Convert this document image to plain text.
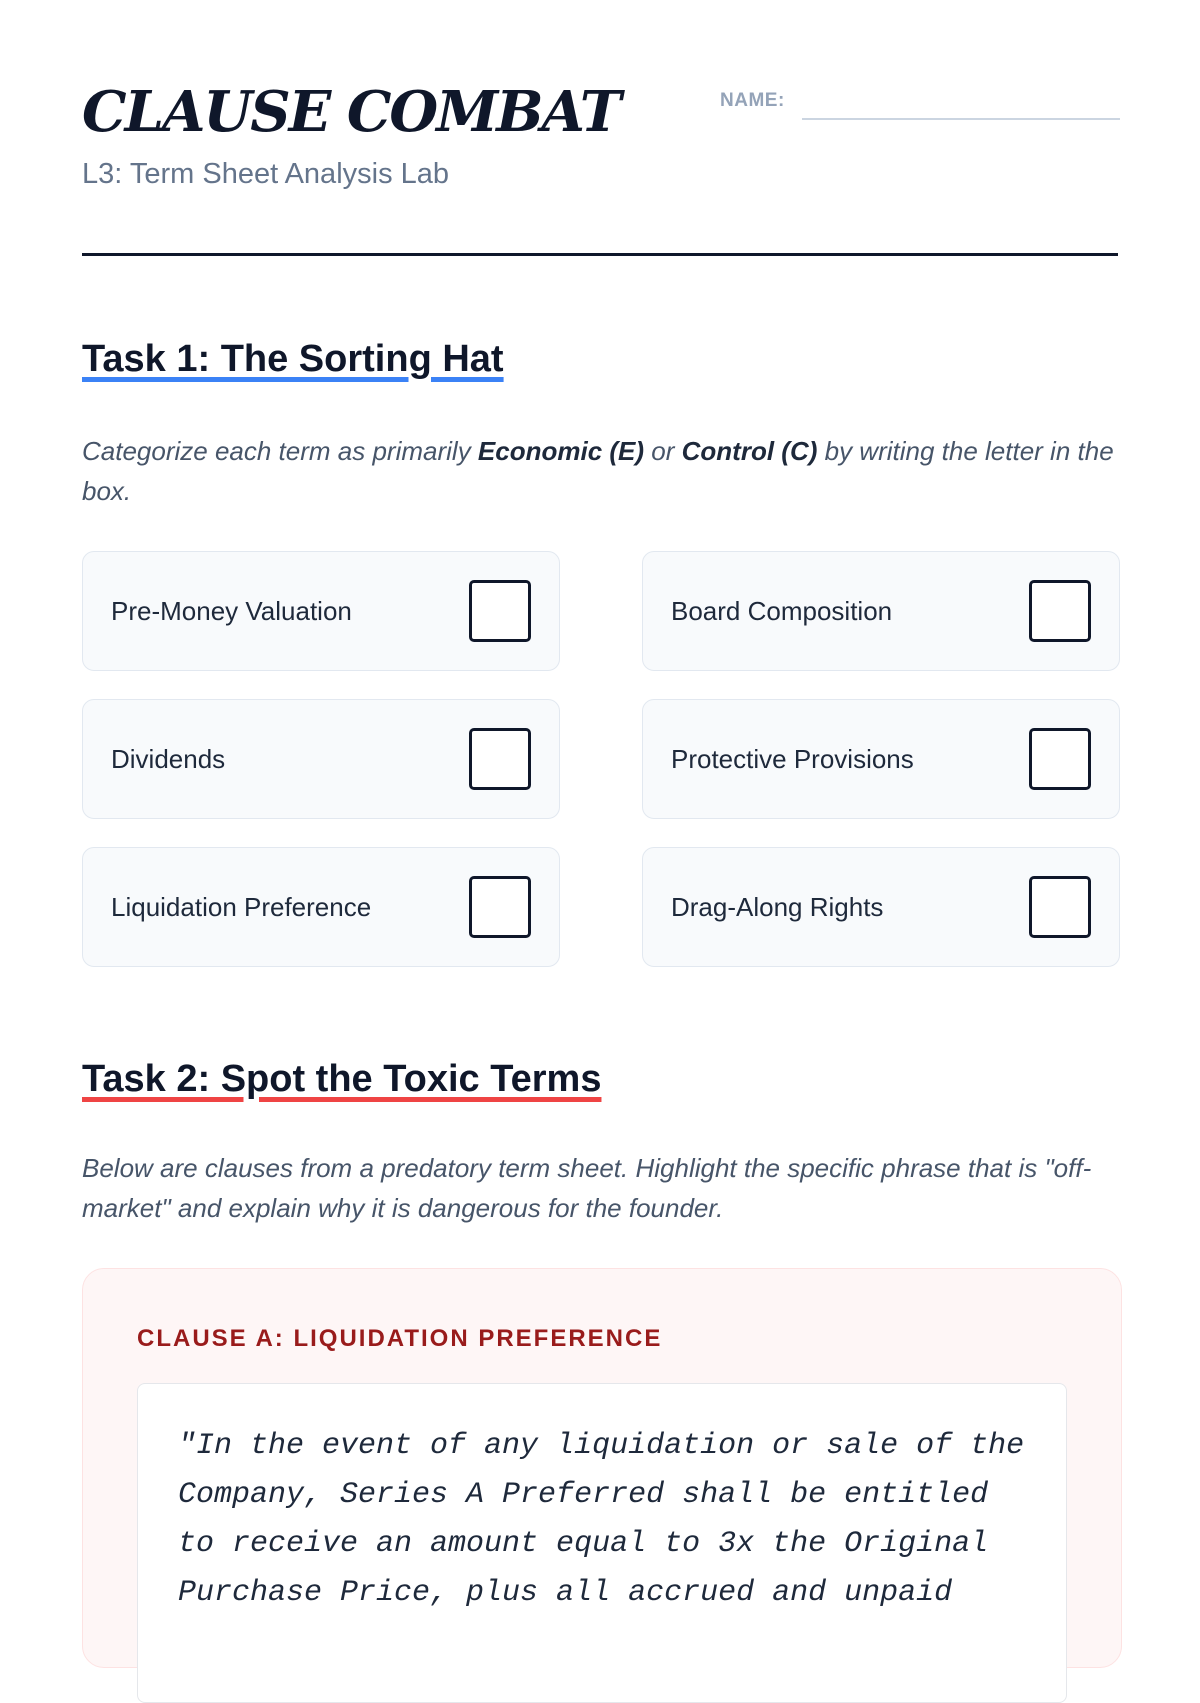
CLAUSE COMBAT

L3: Term Sheet Analysis Lab

NAME:
Task 1: The Sorting Hat

Categorize each term as primarily Economic (E) or Control (C) by writing the letter in the box.

Pre-Money Valuation	Board Composition
Dividends	Protective Provisions
Liquidation Preference	Drag-Along Rights
Task 2: Spot the Toxic Terms

Below are clauses from a predatory term sheet. Highlight the specific phrase that is "off-market" and explain why it is dangerous for the founder.

CLAUSE A: LIQUIDATION PREFERENCE

"In the event of any liquidation or sale of the Company, Series A Preferred shall be entitled to receive an amount equal to 3x the Original Purchase Price, plus all accrued and unpaid
